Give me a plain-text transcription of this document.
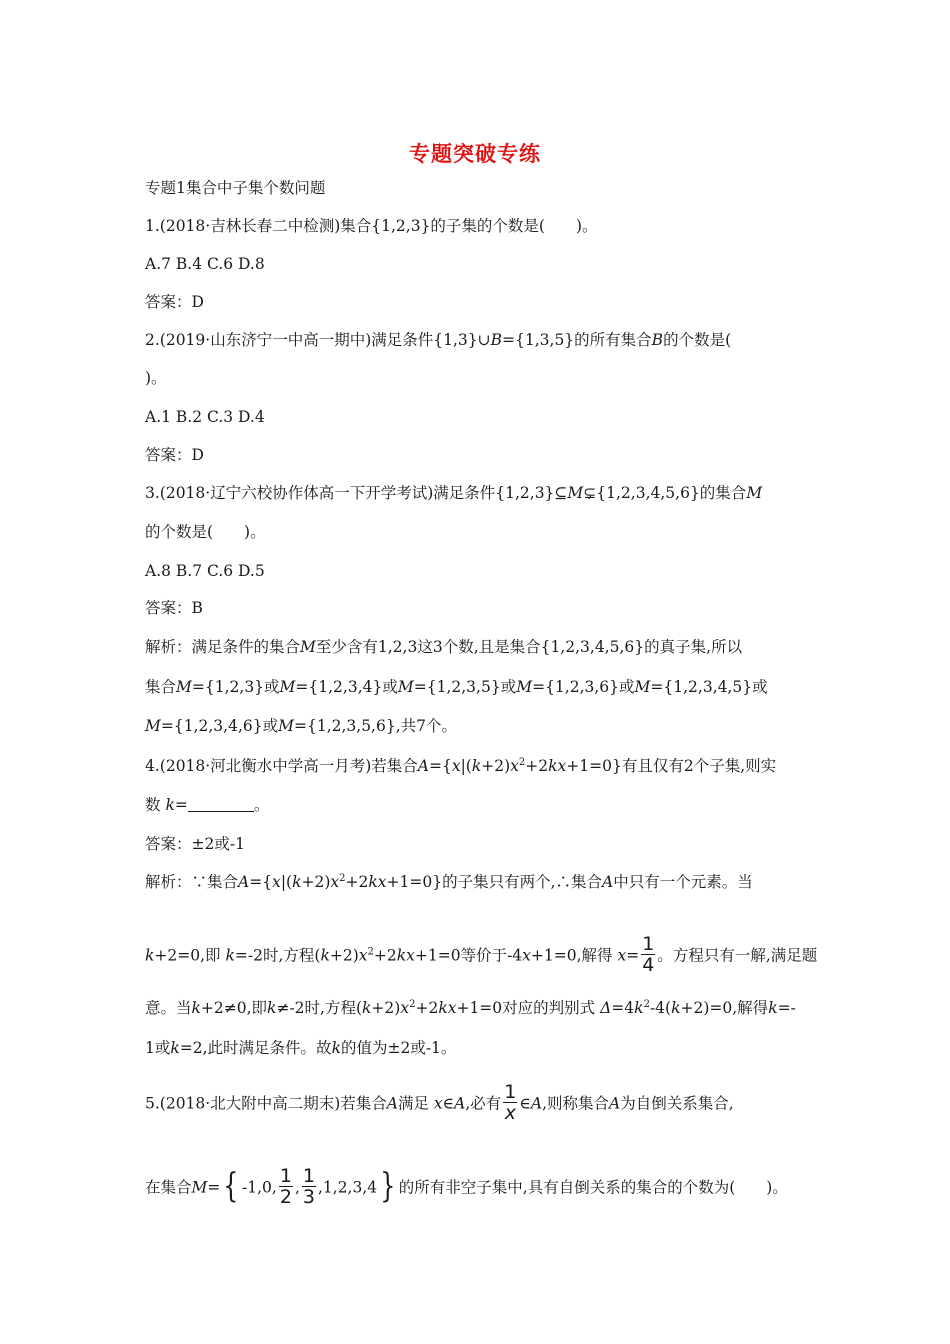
专题突破专练
专题1集合中子集个数问题
1.(2018·吉林长春二中检测)集合{1,2,3}的子集的个数是(　　)。
A.7 B.4 C.6 D.8
答案：D
2.(2019·山东济宁一中高一期中)满足条件{1,3}∪B={1,3,5}的所有集合B的个数是(
)。
A.1 B.2 C.3 D.4
答案：D
3.(2018·辽宁六校协作体高一下开学考试)满足条件{1,2,3}⊆M⊊{1,2,3,4,5,6}的集合M
的个数是(　　)。
A.8 B.7 C.6 D.5
答案：B
解析：满足条件的集合M至少含有1,2,3这3个数,且是集合{1,2,3,4,5,6}的真子集,所以
集合M={1,2,3}或M={1,2,3,4}或M={1,2,3,5}或M={1,2,3,6}或M={1,2,3,4,5}或
M={1,2,3,4,6}或M={1,2,3,5,6},共7个。
4.(2018·河北衡水中学高一月考)若集合$A=\{x|(k+2)x^2+2kx+1=0\}$有且仅有2个子集,则实
数 k=	。
答案：±2或-1
解析：∵集合$A=\{x|(k+2)x^2+2kx+1=0\}$的子集只有两个,∴集合A中只有一个元素。当
k+2=0,即 k=-2时,方程$(k+2)x^2+2kx+1=0$等价于-4x+1=0,解得 $x= \frac{1}{4}$ 。方程只有一解,满足题
意。当k+2≠0,即k≠-2时,方程$(k+2)x^2+2kx+1=0$对应的判别式 $\Delta=4k^2-4(k+2)=0$,解得k=-
1或k=2,此时满足条件。故k的值为±2或-1。
5.(2018·北大附中高二期末)若集合A满足 x∈A,必有 $\frac{1}{x}$ ∈A,则称集合A为自倒关系集合,
在集合M={ -1,0, $\frac{1}{2}$ , $\frac{1}{3} ,1,2,3,4$} 的所有非空子集中,具有自倒关系的集合的个数为(　　)。
